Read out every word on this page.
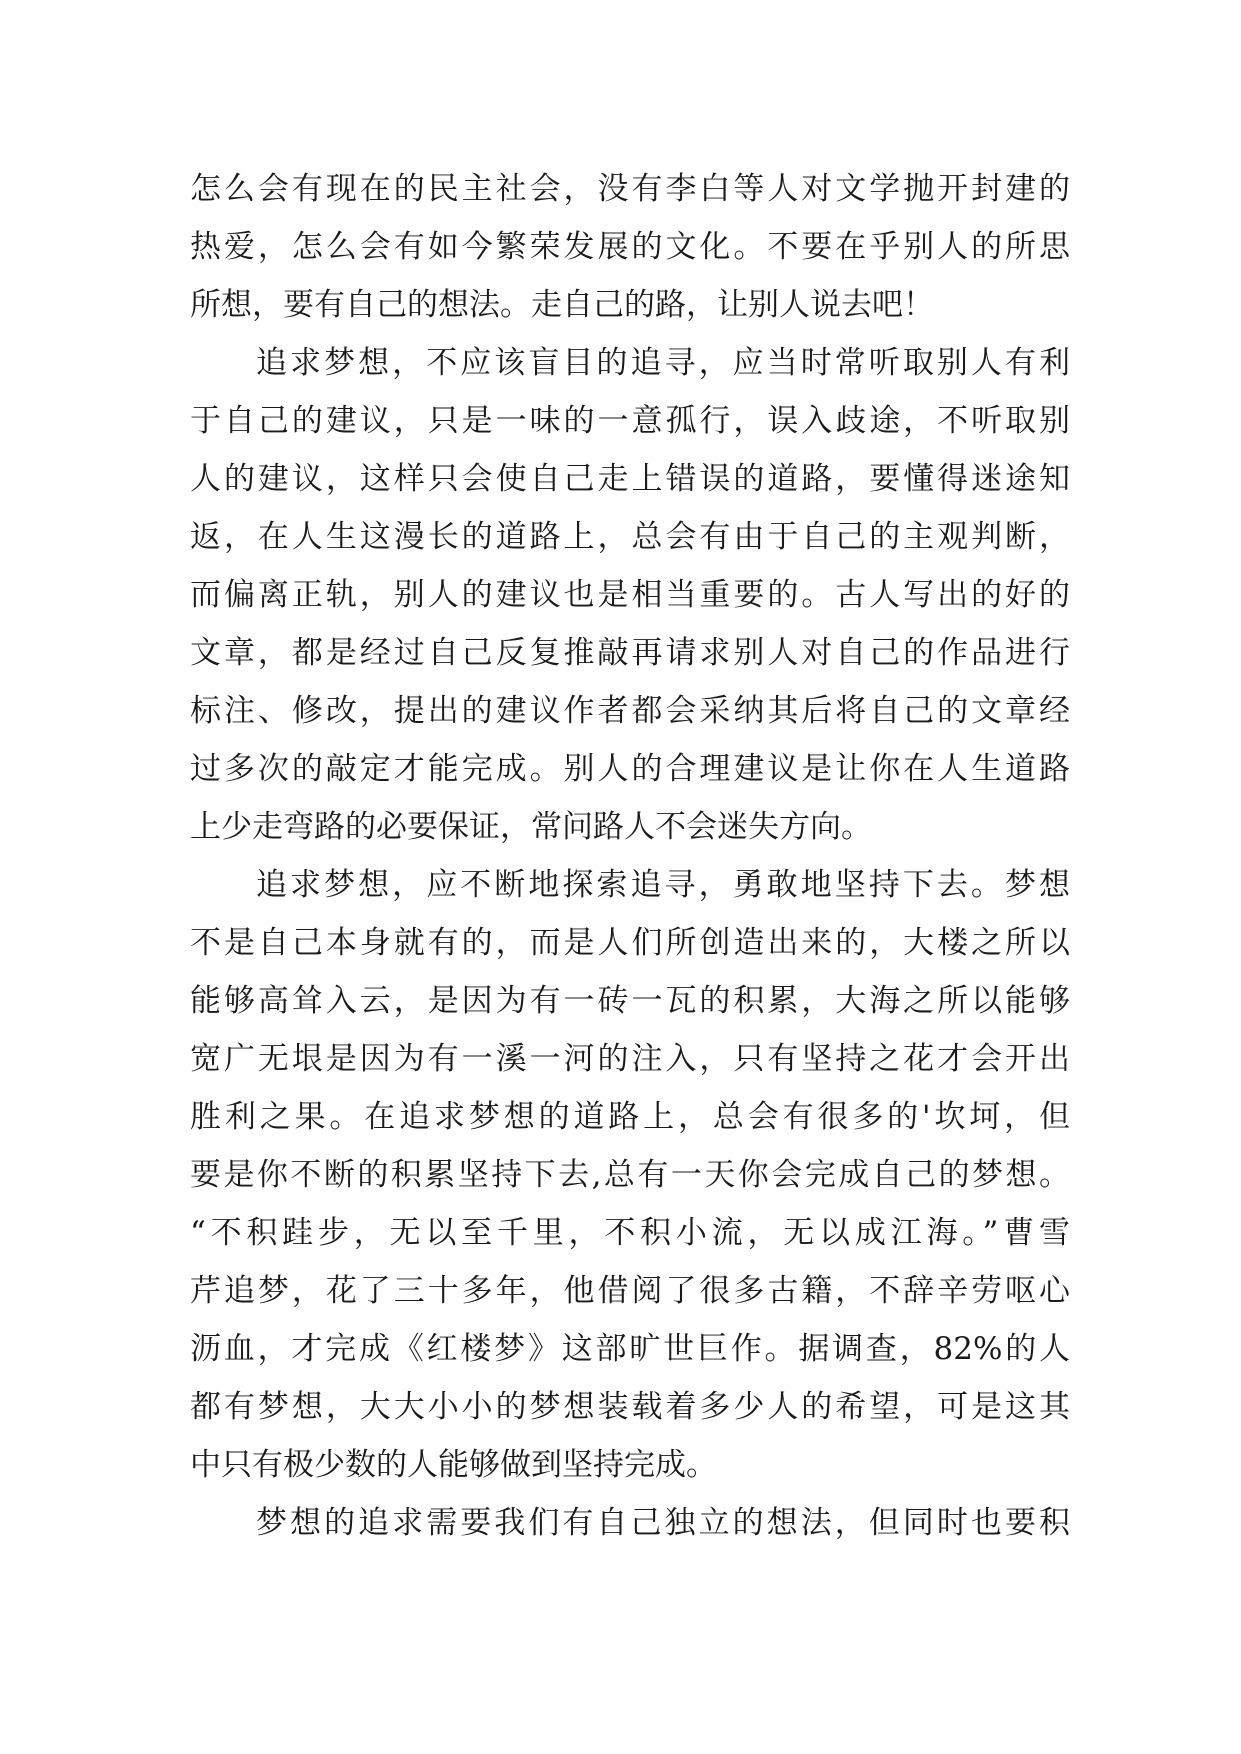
怎么会有现在的民主社会，没有李白等人对文学抛开封建的
热爱，怎么会有如今繁荣发展的文化。不要在乎别人的所思
所想，要有自己的想法。走自己的路，让别人说去吧！
追求梦想，不应该盲目的追寻，应当时常听取别人有利
于自己的建议，只是一味的一意孤行，误入歧途，不听取别
人的建议，这样只会使自己走上错误的道路，要懂得迷途知
返，在人生这漫长的道路上，总会有由于自己的主观判断，
而偏离正轨，别人的建议也是相当重要的。古人写出的好的
文章，都是经过自己反复推敲再请求别人对自己的作品进行
标注、修改，提出的建议作者都会采纳其后将自己的文章经
过多次的敲定才能完成。别人的合理建议是让你在人生道路
上少走弯路的必要保证，常问路人不会迷失方向。
追求梦想，应不断地探索追寻，勇敢地坚持下去。梦想
不是自己本身就有的，而是人们所创造出来的，大楼之所以
能够高耸入云，是因为有一砖一瓦的积累，大海之所以能够
宽广无垠是因为有一溪一河的注入，只有坚持之花才会开出
胜利之果。在追求梦想的道路上，总会有很多的'坎坷，但
要是你不断的积累坚持下去,总有一天你会完成自己的梦想。
“不积跬步，无以至千里，不积小流，无以成江海。”曹雪
芹追梦，花了三十多年，他借阅了很多古籍，不辞辛劳呕心
沥血，才完成《红楼梦》这部旷世巨作。据调查，82%的人
都有梦想，大大小小的梦想装载着多少人的希望，可是这其
中只有极少数的人能够做到坚持完成。
梦想的追求需要我们有自己独立的想法，但同时也要积
